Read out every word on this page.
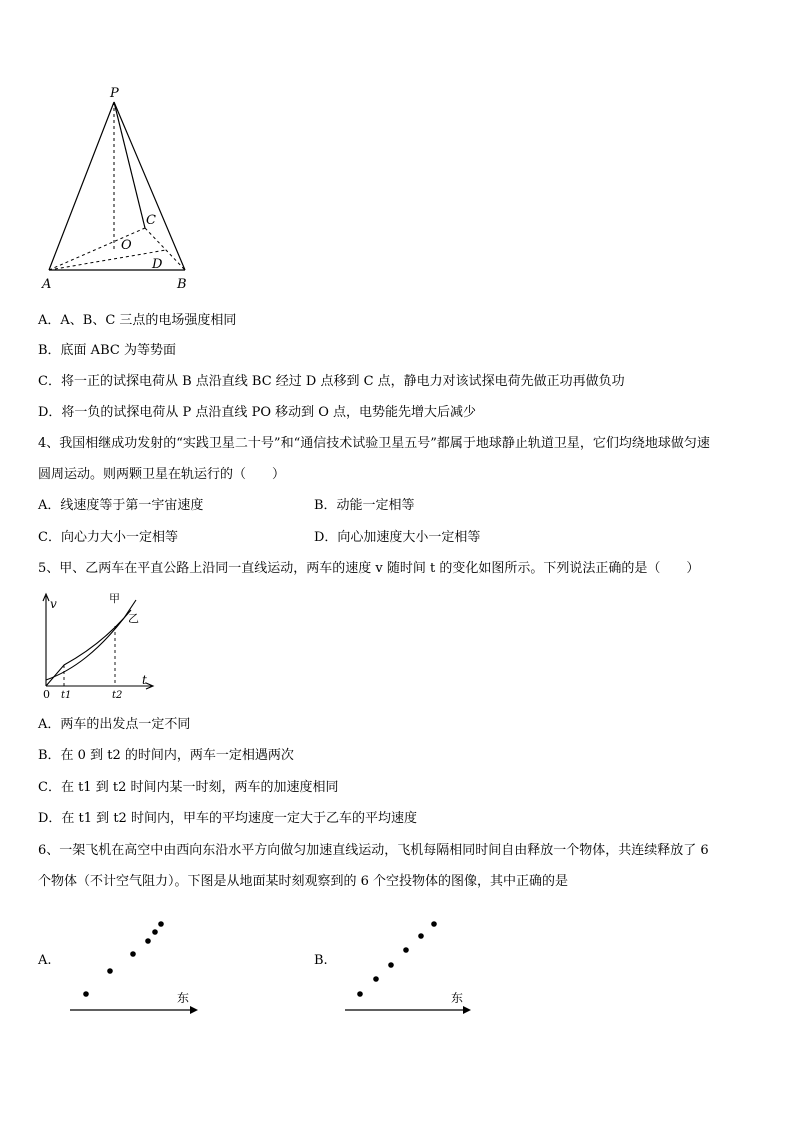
P
A	B
C
O
D
A．A、B、C 三点的电场强度相同
B．底面 ABC 为等势面
C．将一正的试探电荷从 B 点沿直线 BC 经过 D 点移到 C 点，静电力对该试探电荷先做正功再做负功
D．将一负的试探电荷从 P 点沿直线 PO 移动到 O 点，电势能先增大后减少
4、我国相继成功发射的“实践卫星二十号”和“通信技术试验卫星五号”都属于地球静止轨道卫星，它们均绕地球做匀速
圆周运动。则两颗卫星在轨运行的（　　）
A．线速度等于第一宇宙速度	B．动能一定相等
C．向心力大小一定相等	D．向心加速度大小一定相等
5、甲、乙两车在平直公路上沿同一直线运动，两车的速度 v 随时间 t 的变化如图所示。下列说法正确的是（　　）
v
t
0 t1	t2
甲
乙
A．两车的出发点一定不同
B．在 0 到 t2 的时间内，两车一定相遇两次
C．在 t1 到 t2 时间内某一时刻，两车的加速度相同
D．在 t1 到 t2 时间内，甲车的平均速度一定大于乙车的平均速度
6、一架飞机在高空中由西向东沿水平方向做匀加速直线运动，飞机每隔相同时间自由释放一个物体，共连续释放了 6
个物体（不计空气阻力）。下图是从地面某时刻观察到的 6 个空投物体的图像，其中正确的是
A.
东
B.
东
